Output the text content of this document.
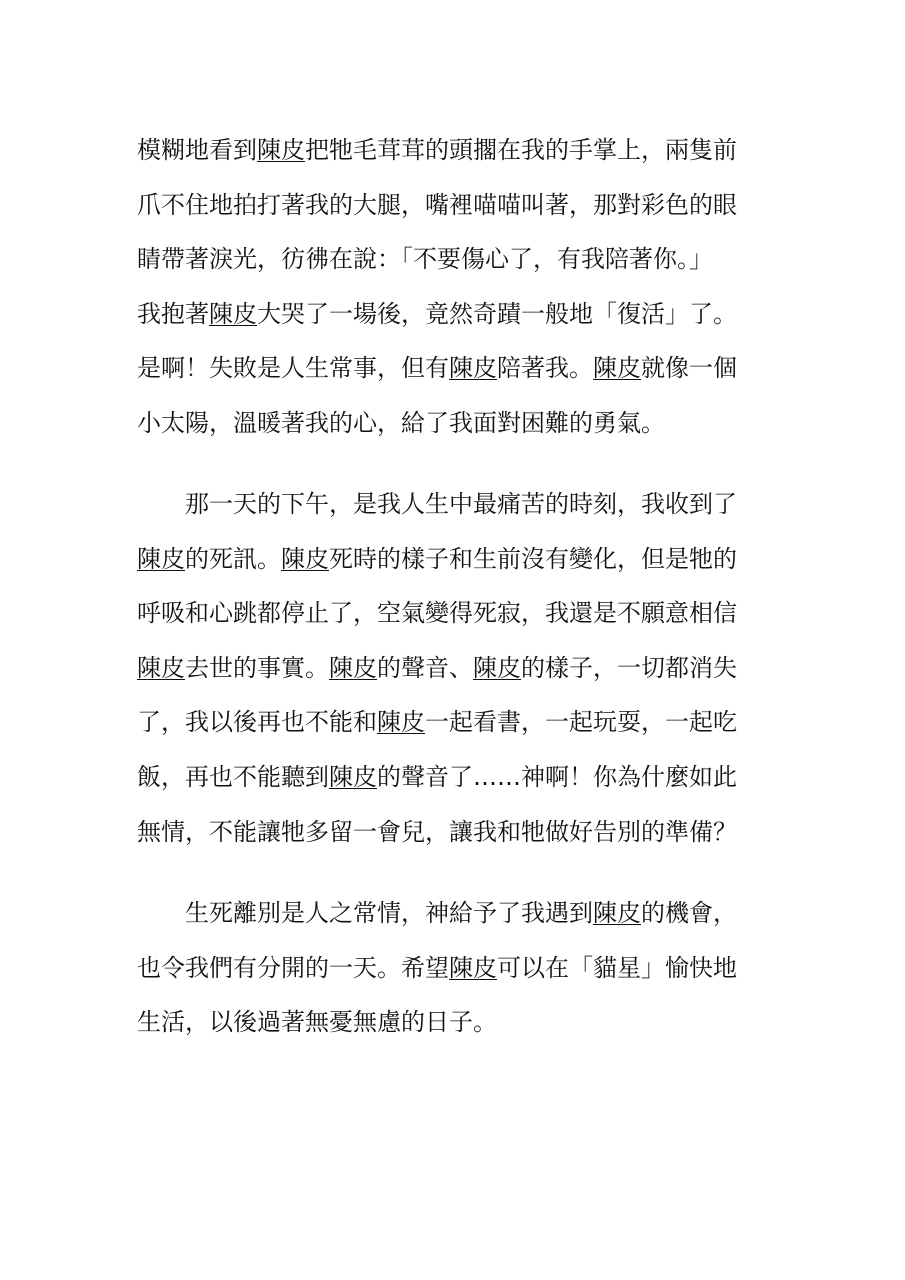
模糊地看到陳皮把牠毛茸茸的頭擱在我的手掌上，兩隻前
爪不住地拍打著我的大腿，嘴裡喵喵叫著，那對彩色的眼
睛帶著淚光，彷彿在說：「不要傷心了，有我陪著你。」
我抱著陳皮大哭了一場後，竟然奇蹟一般地「復活」了。
是啊！失敗是人生常事，但有陳皮陪著我。陳皮就像一個
小太陽，溫暖著我的心，給了我面對困難的勇氣。
那一天的下午，是我人生中最痛苦的時刻，我收到了
陳皮的死訊。陳皮死時的樣子和生前沒有變化，但是牠的
呼吸和心跳都停止了，空氣變得死寂，我還是不願意相信
陳皮去世的事實。陳皮的聲音、陳皮的樣子，一切都消失
了，我以後再也不能和陳皮一起看書，一起玩耍，一起吃
飯，再也不能聽到陳皮的聲音了……神啊！你為什麼如此
無情，不能讓牠多留一會兒，讓我和牠做好告別的準備？
生死離別是人之常情，神給予了我遇到陳皮的機會，
也令我們有分開的一天。希望陳皮可以在「貓星」愉快地
生活，以後過著無憂無慮的日子。
